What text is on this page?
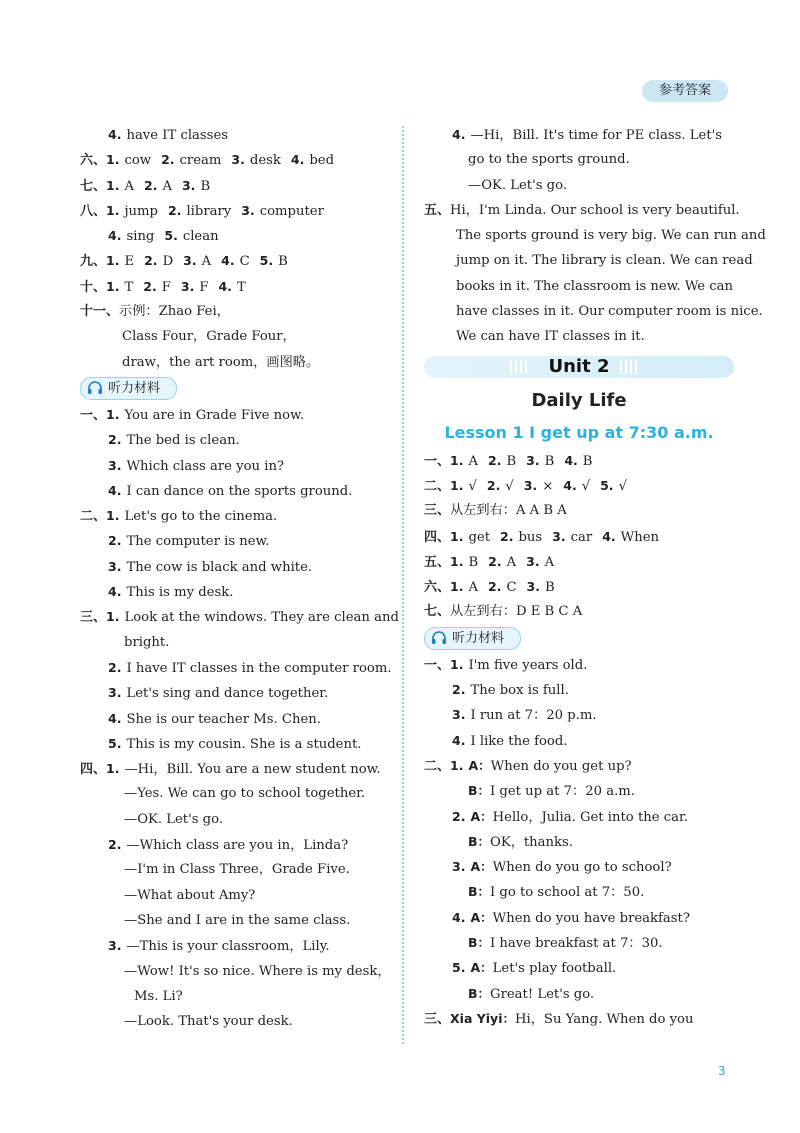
参考答案
4. have IT classes
六、1. cow 2. cream 3. desk 4. bed
七、1. A 2. A 3. B
八、1. jump 2. library 3. computer
4. sing 5. clean
九、1. E 2. D 3. A 4. C 5. B
十、1. T 2. F 3. F 4. T
十一、示例：Zhao Fei，
Class Four，Grade Four，
draw，the art room，画图略。
听力材料
一、1. You are in Grade Five now.
2. The bed is clean.
3. Which class are you in?
4. I can dance on the sports ground.
二、1. Let's go to the cinema.
2. The computer is new.
3. The cow is black and white.
4. This is my desk.
三、1. Look at the windows. They are clean and
bright.
2. I have IT classes in the computer room.
3. Let's sing and dance together.
4. She is our teacher Ms. Chen.
5. This is my cousin. She is a student.
四、1. —Hi，Bill. You are a new student now.
—Yes. We can go to school together.
—OK. Let's go.
2. —Which class are you in，Linda?
—I'm in Class Three，Grade Five.
—What about Amy?
—She and I are in the same class.
3. —This is your classroom，Lily.
—Wow! It's so nice. Where is my desk，
Ms. Li?
—Look. That's your desk.
4. —Hi，Bill. It's time for PE class. Let's
go to the sports ground.
—OK. Let's go.
五、Hi，I'm Linda. Our school is very beautiful.
The sports ground is very big. We can run and
jump on it. The library is clean. We can read
books in it. The classroom is new. We can
have classes in it. Our computer room is nice.
We can have IT classes in it.
Unit 2
Daily Life
Lesson 1 I get up at 7:30 a.m.
一、1. A 2. B 3. B 4. B
二、1. √ 2. √ 3. × 4. √ 5. √
三、从左到右：A A B A
四、1. get 2. bus 3. car 4. When
五、1. B 2. A 3. A
六、1. A 2. C 3. B
七、从左到右：D E B C A
听力材料
一、1. I'm five years old.
2. The box is full.
3. I run at 7：20 p.m.
4. I like the food.
二、1. A：When do you get up?
B：I get up at 7：20 a.m.
2. A：Hello，Julia. Get into the car.
B：OK，thanks.
3. A：When do you go to school?
B：I go to school at 7：50.
4. A：When do you have breakfast?
B：I have breakfast at 7：30.
5. A：Let's play football.
B：Great! Let's go.
三、Xia Yiyi：Hi，Su Yang. When do you
3
